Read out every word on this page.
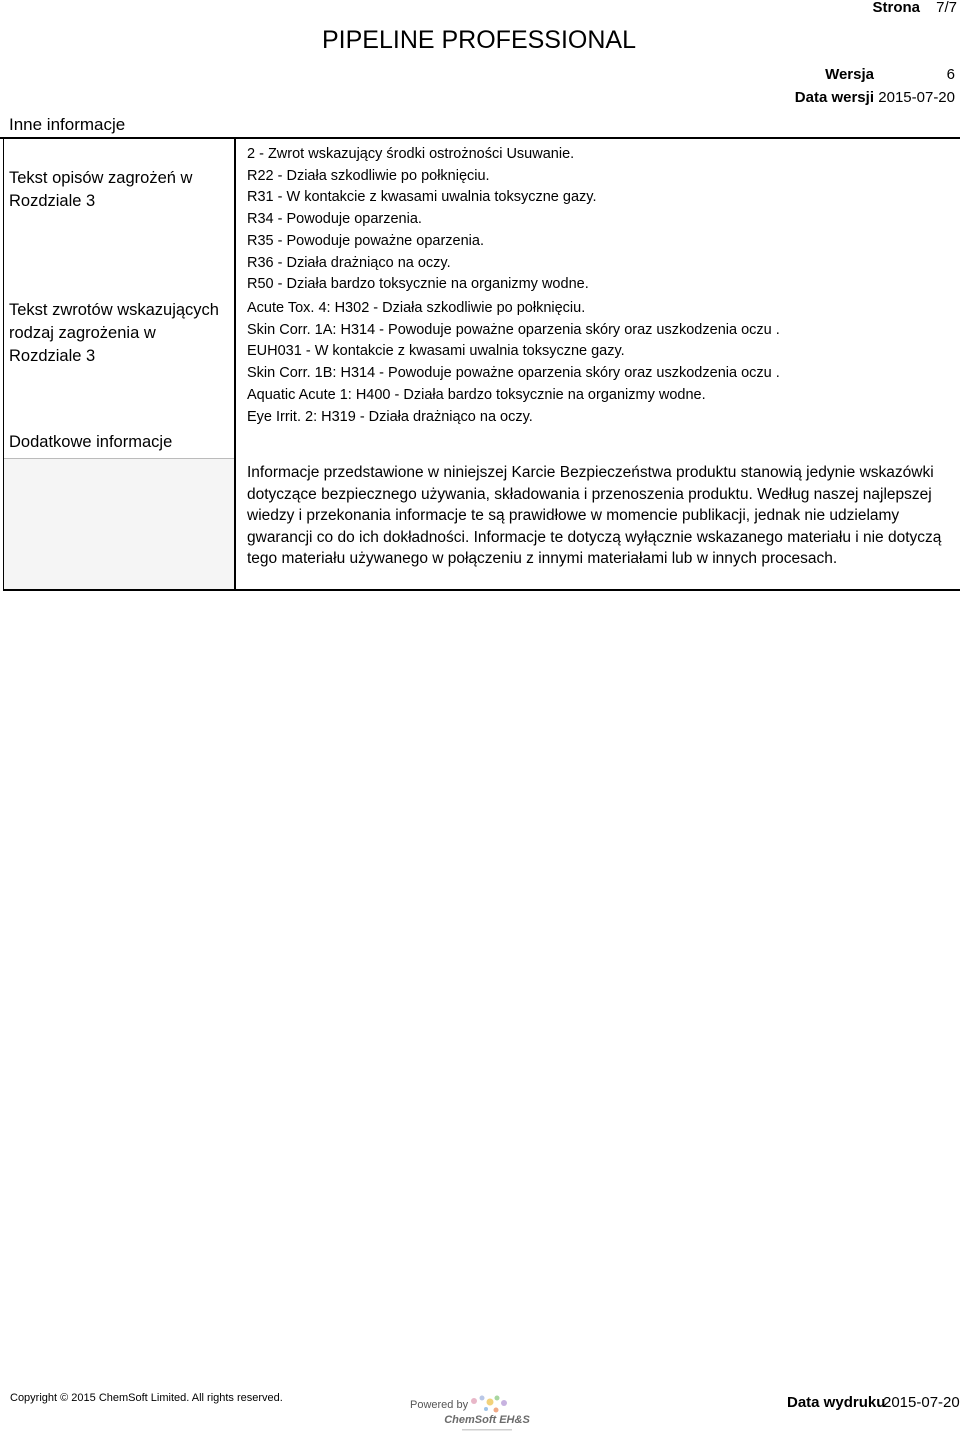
Strona 7/7
PIPELINE PROFESSIONAL
Wersja	6
Data wersji 2015-07-20
Inne informacje
Tekst opisów zagrożeń w Rozdziale 3
2 - Zwrot wskazujący środki ostrożności Usuwanie.
R22 - Działa szkodliwie po połknięciu.
R31 - W kontakcie z kwasami uwalnia toksyczne gazy.
R34 - Powoduje oparzenia.
R35 - Powoduje poważne oparzenia.
R36 - Działa drażniąco na oczy.
R50 - Działa bardzo toksycznie na organizmy wodne.
Tekst zwrotów wskazujących rodzaj zagrożenia w Rozdziale 3
Acute Tox. 4: H302 - Działa szkodliwie po połknięciu.
Skin Corr. 1A: H314 - Powoduje poważne oparzenia skóry oraz uszkodzenia oczu .
EUH031 - W kontakcie z kwasami uwalnia toksyczne gazy.
Skin Corr. 1B: H314 - Powoduje poważne oparzenia skóry oraz uszkodzenia oczu .
Aquatic Acute 1: H400 - Działa bardzo toksycznie na organizmy wodne.
Eye Irrit. 2: H319 - Działa drażniąco na oczy.
Dodatkowe informacje
Informacje przedstawione w niniejszej Karcie Bezpieczeństwa produktu stanowią jedynie wskazówki dotyczące bezpiecznego używania, składowania i przenoszenia produktu. Według naszej najlepszej wiedzy i przekonania informacje te są prawidłowe w momencie publikacji, jednak nie udzielamy gwarancji co do ich dokładności. Informacje te dotyczą wyłącznie wskazanego materiału i nie dotyczą tego materiału używanego w połączeniu z innymi materiałami lub w innych procesach.
Copyright © 2015 ChemSoft Limited. All rights reserved.
Powered by
ChemSoft EH&S
Data wydruku
2015-07-20
